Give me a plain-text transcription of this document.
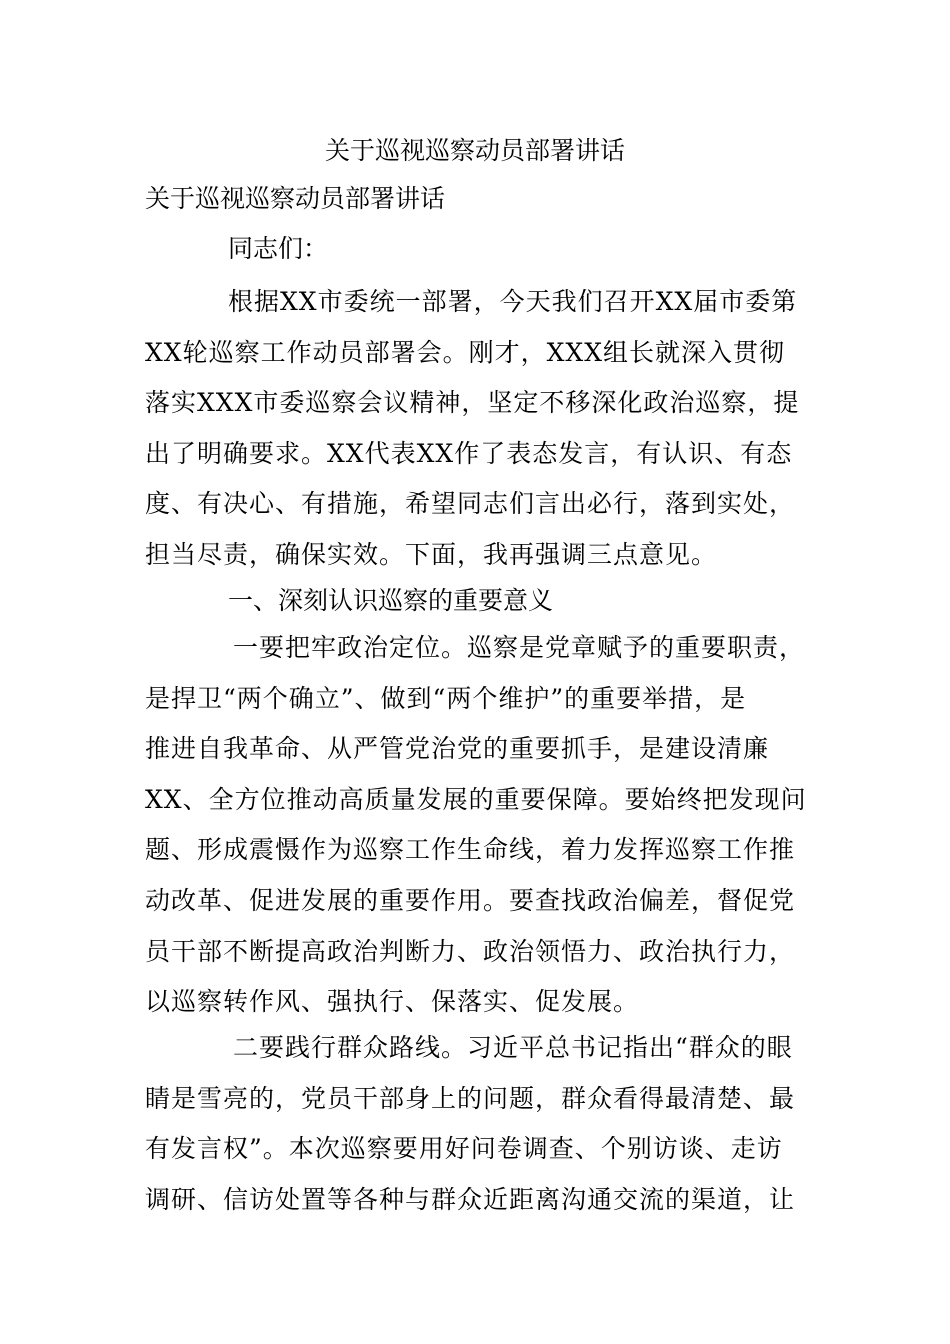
关于巡视巡察动员部署讲话

关于巡视巡察动员部署讲话

同志们：

根据XX市委统一部署，今天我们召开XX届市委第
XX轮巡察工作动员部署会。刚才，XXX组长就深入贯彻
落实XXX市委巡察会议精神，坚定不移深化政治巡察，提
出了明确要求。XX代表XX作了表态发言，有认识、有态
度、有决心、有措施，希望同志们言出必行，落到实处，
担当尽责，确保实效。下面，我再强调三点意见。

一、深刻认识巡察的重要意义

一要把牢政治定位。巡察是党章赋予的重要职责，
是捍卫“两个确立”、做到“两个维护”的重要举措，是
推进自我革命、从严管党治党的重要抓手，是建设清廉
XX、全方位推动高质量发展的重要保障。要始终把发现问
题、形成震慑作为巡察工作生命线，着力发挥巡察工作推
动改革、促进发展的重要作用。要查找政治偏差，督促党
员干部不断提高政治判断力、政治领悟力、政治执行力，
以巡察转作风、强执行、保落实、促发展。
二要践行群众路线。习近平总书记指出“群众的眼
睛是雪亮的，党员干部身上的问题，群众看得最清楚、最
有发言权”。本次巡察要用好问卷调查、个别访谈、走访
调研、信访处置等各种与群众近距离沟通交流的渠道，让
